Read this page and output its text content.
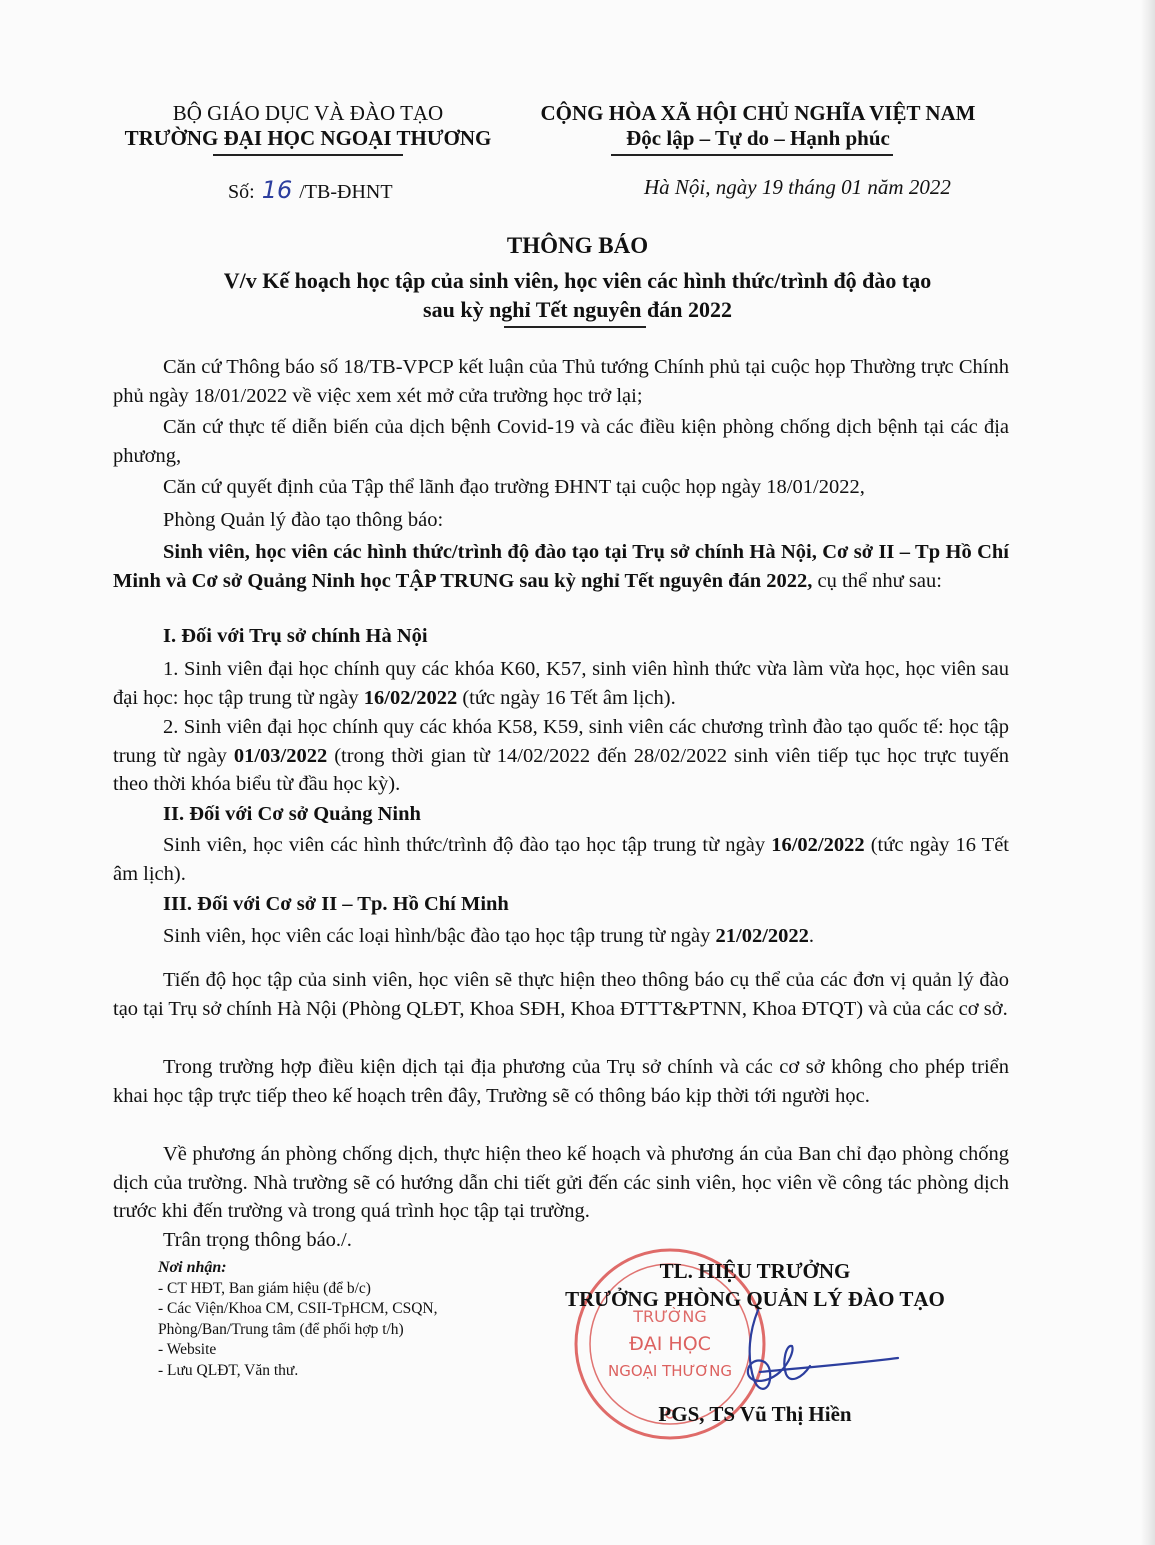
BỘ GIÁO DỤC VÀ ĐÀO TẠO
TRƯỜNG ĐẠI HỌC NGOẠI THƯƠNG
CỘNG HÒA XÃ HỘI CHỦ NGHĨA VIỆT NAM
Độc lập – Tự do – Hạnh phúc
Số: 16 /TB-ĐHNT	Hà Nội, ngày 19 tháng 01 năm 2022
THÔNG BÁO
V/v Kế hoạch học tập của sinh viên, học viên các hình thức/trình độ đào tạo
sau kỳ nghỉ Tết nguyên đán 2022
Căn cứ Thông báo số 18/TB-VPCP kết luận của Thủ tướng Chính phủ tại cuộc họp Thường trực Chính phủ ngày 18/01/2022 về việc xem xét mở cửa trường học trở lại;
Căn cứ thực tế diễn biến của dịch bệnh Covid-19 và các điều kiện phòng chống dịch bệnh tại các địa phương,
Căn cứ quyết định của Tập thể lãnh đạo trường ĐHNT tại cuộc họp ngày 18/01/2022,
Phòng Quản lý đào tạo thông báo:
Sinh viên, học viên các hình thức/trình độ đào tạo tại Trụ sở chính Hà Nội, Cơ sở II – Tp Hồ Chí Minh và Cơ sở Quảng Ninh học TẬP TRUNG sau kỳ nghỉ Tết nguyên đán 2022, cụ thể như sau:
I. Đối với Trụ sở chính Hà Nội
1. Sinh viên đại học chính quy các khóa K60, K57, sinh viên hình thức vừa làm vừa học, học viên sau đại học: học tập trung từ ngày 16/02/2022 (tức ngày 16 Tết âm lịch).
2. Sinh viên đại học chính quy các khóa K58, K59, sinh viên các chương trình đào tạo quốc tế: học tập trung từ ngày 01/03/2022 (trong thời gian từ 14/02/2022 đến 28/02/2022 sinh viên tiếp tục học trực tuyến theo thời khóa biểu từ đầu học kỳ).
II. Đối với Cơ sở Quảng Ninh
Sinh viên, học viên các hình thức/trình độ đào tạo học tập trung từ ngày 16/02/2022 (tức ngày 16 Tết âm lịch).
III. Đối với Cơ sở II – Tp. Hồ Chí Minh
Sinh viên, học viên các loại hình/bậc đào tạo học tập trung từ ngày 21/02/2022.
Tiến độ học tập của sinh viên, học viên sẽ thực hiện theo thông báo cụ thể của các đơn vị quản lý đào tạo tại Trụ sở chính Hà Nội (Phòng QLĐT, Khoa SĐH, Khoa ĐTTT&PTNN, Khoa ĐTQT) và của các cơ sở.
Trong trường hợp điều kiện dịch tại địa phương của Trụ sở chính và các cơ sở không cho phép triển khai học tập trực tiếp theo kế hoạch trên đây, Trường sẽ có thông báo kịp thời tới người học.
Về phương án phòng chống dịch, thực hiện theo kế hoạch và phương án của Ban chỉ đạo phòng chống dịch của trường. Nhà trường sẽ có hướng dẫn chi tiết gửi đến các sinh viên, học viên về công tác phòng dịch trước khi đến trường và trong quá trình học tập tại trường.
Trân trọng thông báo./.
Nơi nhận:
- CT HĐT, Ban giám hiệu (để b/c)
- Các Viện/Khoa CM, CSII-TpHCM, CSQN,
Phòng/Ban/Trung tâm (để phối hợp t/h)
- Website
- Lưu QLĐT, Văn thư.
TRƯỜNG
ĐẠI HỌC
NGOẠI THƯƠNG
TL. HIỆU TRƯỞNG
TRƯỞNG PHÒNG QUẢN LÝ ĐÀO TẠO
PGS, TS Vũ Thị Hiền
